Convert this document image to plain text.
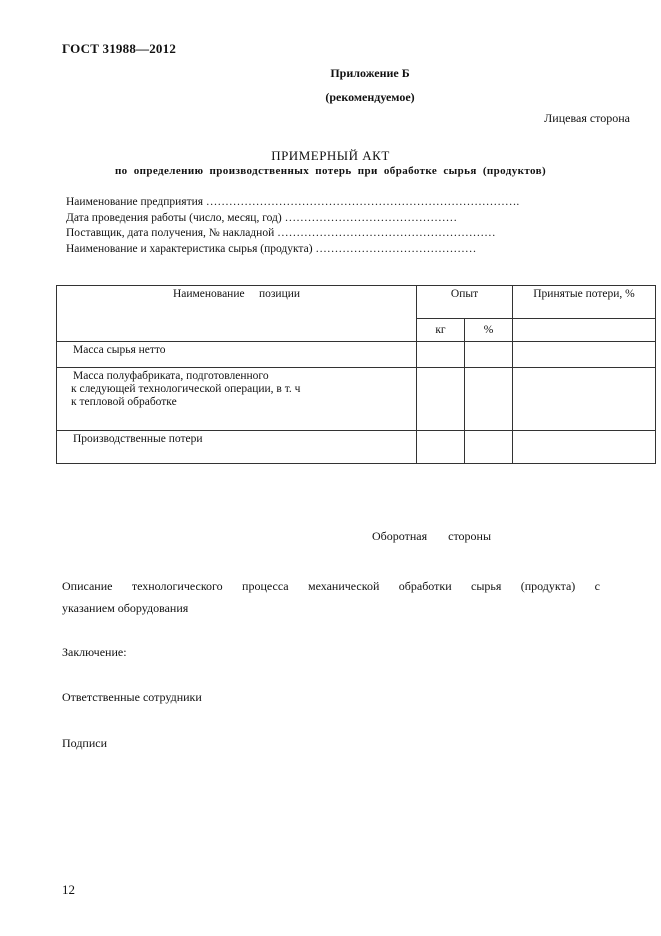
ГОСТ 31988—2012
Приложение Б
(рекомендуемое)
Лицевая сторона
ПРИМЕРНЫЙ АКТ
по определению производственных потерь при обработке сырья (продуктов)
Наименование предприятия ……………………………………………………………………….
Дата проведения работы (число, месяц, год) ………………………………………
Поставщик, дата получения, № накладной …………………………………………………
Наименование и характеристика сырья (продукта) ……………………………………
Наименование     позиции	Опыт		Принятые потери, %
	кг	%	
Масса сырья нетто			

Масса полуфабриката, подготовленного
к следующей технологической операции, в т. ч
к тепловой обработке			

Производственные потери			
Оборотная стороны
Описание технологического процесса механической обработки сырья (продукта) с
указанием оборудования
Заключение:
Ответственные сотрудники
Подписи
12
